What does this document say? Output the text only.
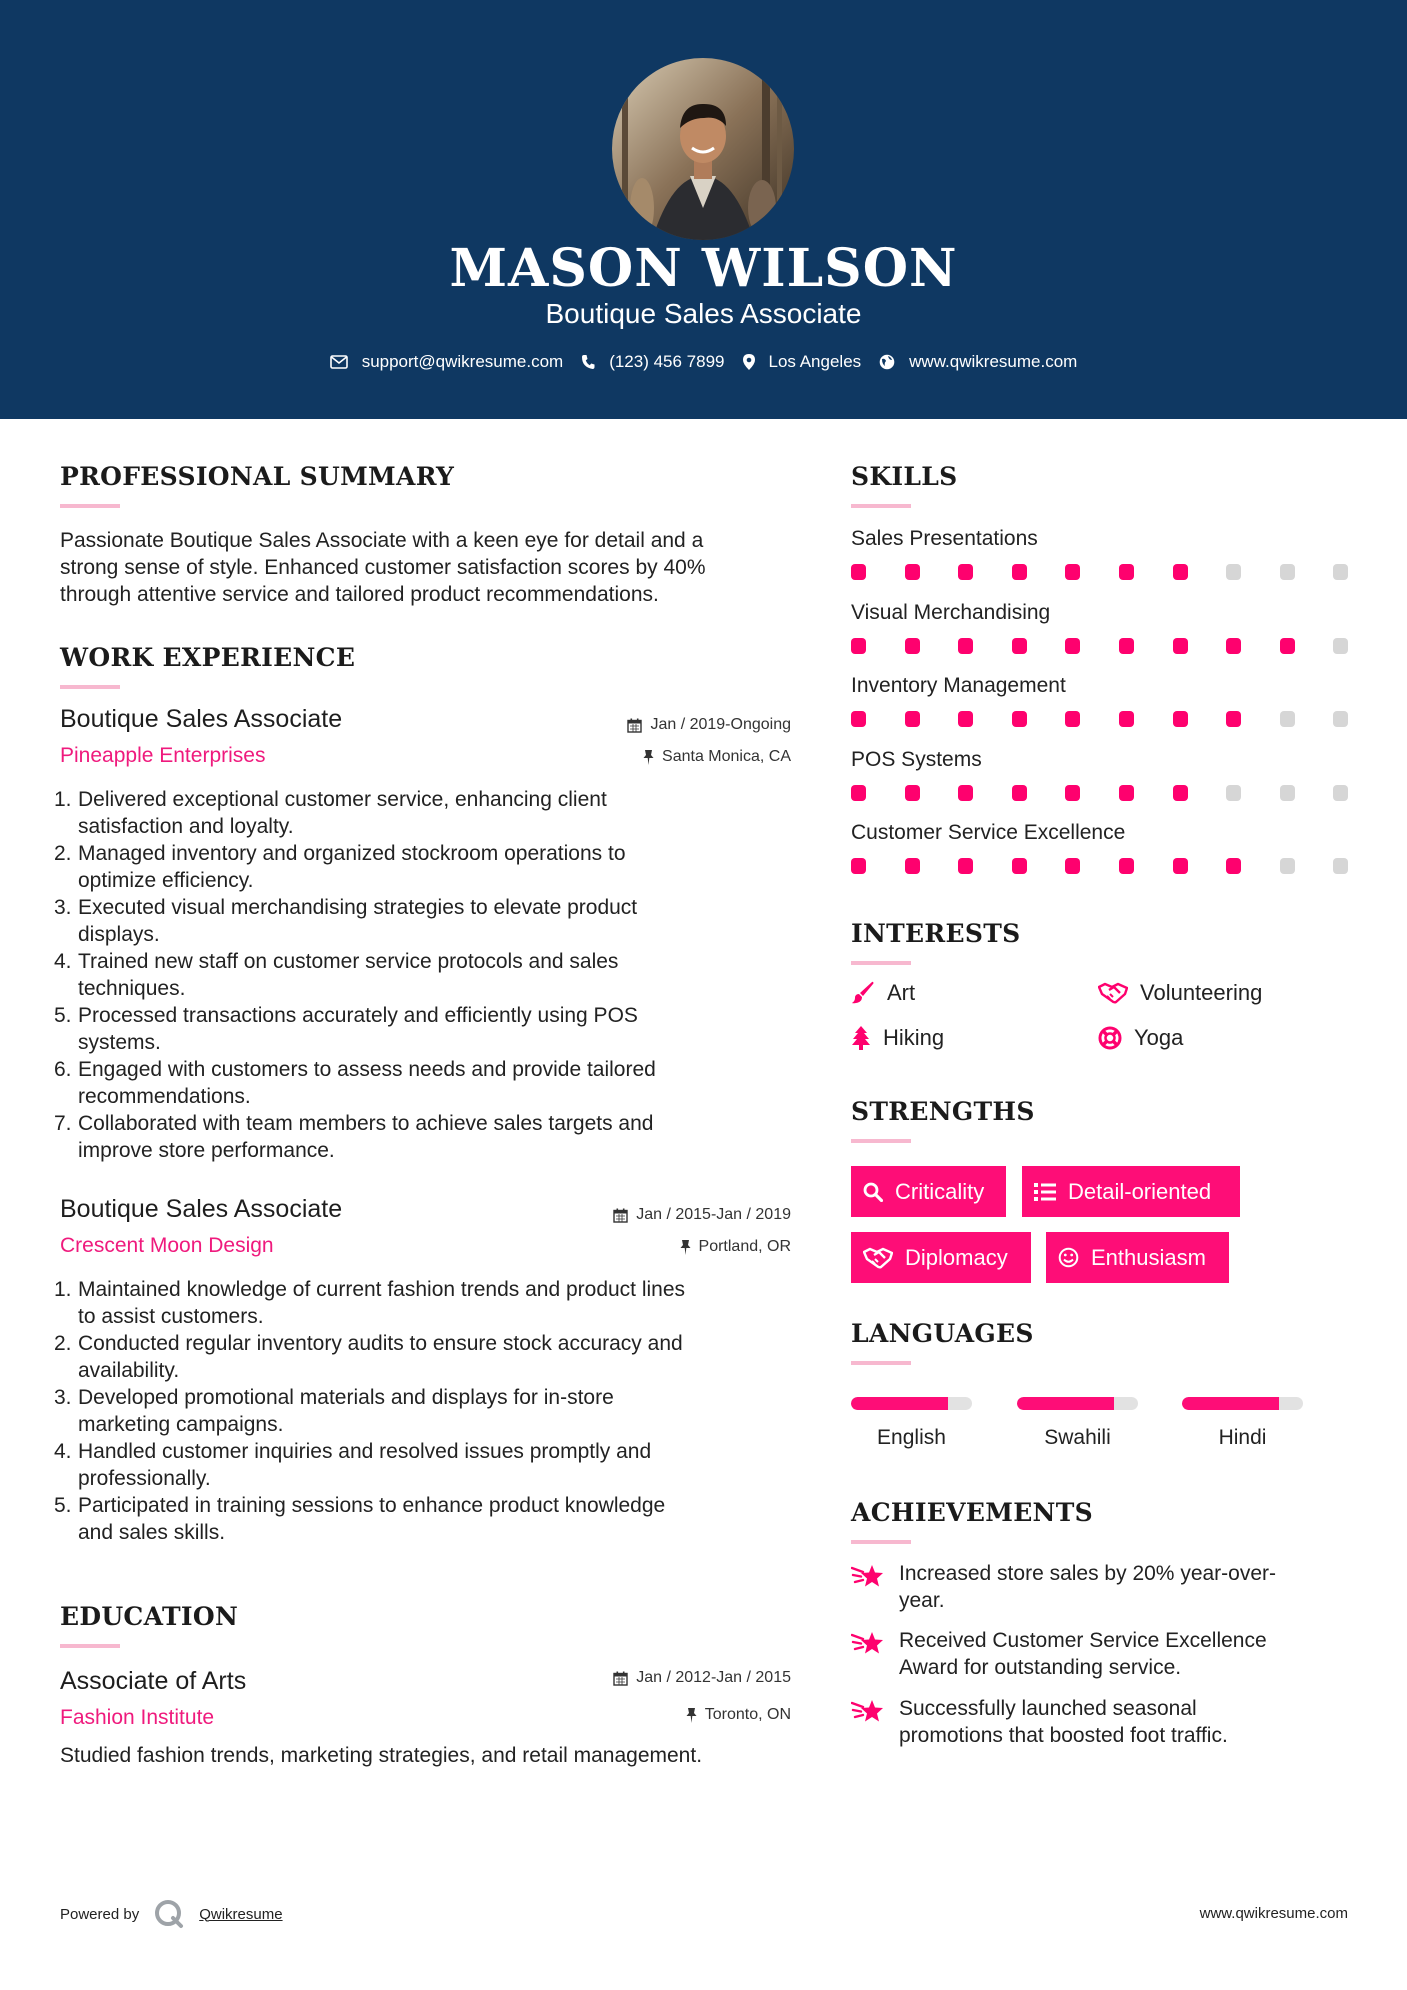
MASON WILSON
Boutique Sales Associate
support@qwikresume.com	(123) 456 7899	Los Angeles	www.qwikresume.com
PROFESSIONAL SUMMARY
Passionate Boutique Sales Associate with a keen eye for detail and a
strong sense of style. Enhanced customer satisfaction scores by 40%
through attentive service and tailored product recommendations.
WORK EXPERIENCE
Boutique Sales Associate	Jan / 2019-Ongoing
Pineapple Enterprises	Santa Monica, CA
1. Delivered exceptional customer service, enhancing client
satisfaction and loyalty.
2. Managed inventory and organized stockroom operations to
optimize efficiency.
3. Executed visual merchandising strategies to elevate product
displays.
4. Trained new staff on customer service protocols and sales
techniques.
5. Processed transactions accurately and efficiently using POS
systems.
6. Engaged with customers to assess needs and provide tailored
recommendations.
7. Collaborated with team members to achieve sales targets and
improve store performance.
Boutique Sales Associate	Jan / 2015-Jan / 2019
Crescent Moon Design	Portland, OR
1. Maintained knowledge of current fashion trends and product lines
to assist customers.
2. Conducted regular inventory audits to ensure stock accuracy and
availability.
3. Developed promotional materials and displays for in-store
marketing campaigns.
4. Handled customer inquiries and resolved issues promptly and
professionally.
5. Participated in training sessions to enhance product knowledge
and sales skills.
EDUCATION
Associate of Arts	Jan / 2012-Jan / 2015
Fashion Institute	Toronto, ON
Studied fashion trends, marketing strategies, and retail management.
SKILLS
Sales Presentations
Visual Merchandising
Inventory Management
POS Systems
Customer Service Excellence
INTERESTS
Art	Volunteering
Hiking	Yoga
STRENGTHS
Criticality	Detail-oriented
Diplomacy	Enthusiasm
LANGUAGES
English	Swahili	Hindi
ACHIEVEMENTS
Increased store sales by 20% year-over-
year.
Received Customer Service Excellence
Award for outstanding service.
Successfully launched seasonal
promotions that boosted foot traffic.
Powered by	Qwikresume	www.qwikresume.com
